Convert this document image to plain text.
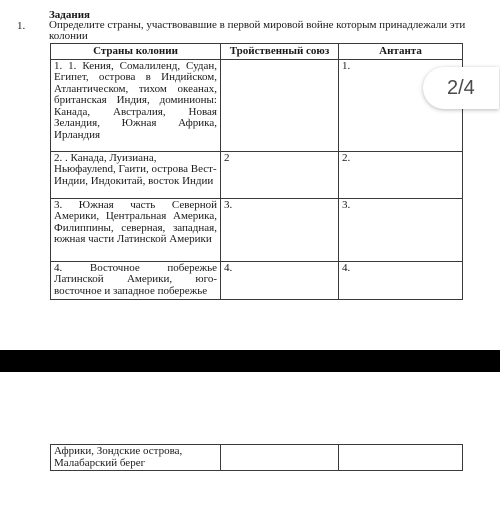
Задания
1. Определите страны, участвовавшие в первой мировой войне которым принадлежали эти колонии
Страны колонии	Тройственный союз	Антанта
1. 1. Кения, Сомалиленд, Судан, Египет, острова в Индийском, Атлантическом, тихом океанах, британская Индия, доминионы: Канада, Австралия, Новая Зеландия, Южная Африка, Ирландия		1.
2. . Канада, Луизиана, Ньюфаулend, Гаити, острова Вест-Индии, Индокитай, восток Индии	2	2.
3. Южная часть Северной Америки, Центральная Америка, Филиппины, северная, западная, южная части Латинской Америки	3.	3.
4. Восточное побережье Латинской Америки, юго-восточное и западное побережье	4.	4.
2/4
Африки, Зондские острова, Малабарский берег		
